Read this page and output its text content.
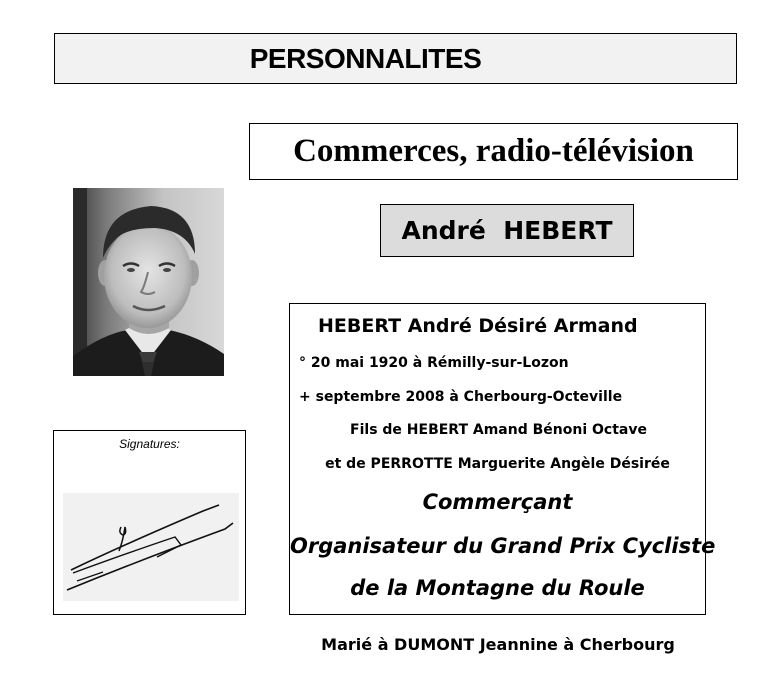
PERSONNALITES
Commerces, radio-télévision
André  HEBERT
Signatures:
HEBERT André Désiré Armand
° 20 mai 1920 à Rémilly-sur-Lozon
+ septembre 2008 à Cherbourg-Octeville
Fils de HEBERT Amand Bénoni Octave
et de PERROTTE Marguerite Angèle Désirée
Commerçant
Organisateur du Grand Prix Cycliste
de la Montagne du Roule
Marié à DUMONT Jeannine à Cherbourg
